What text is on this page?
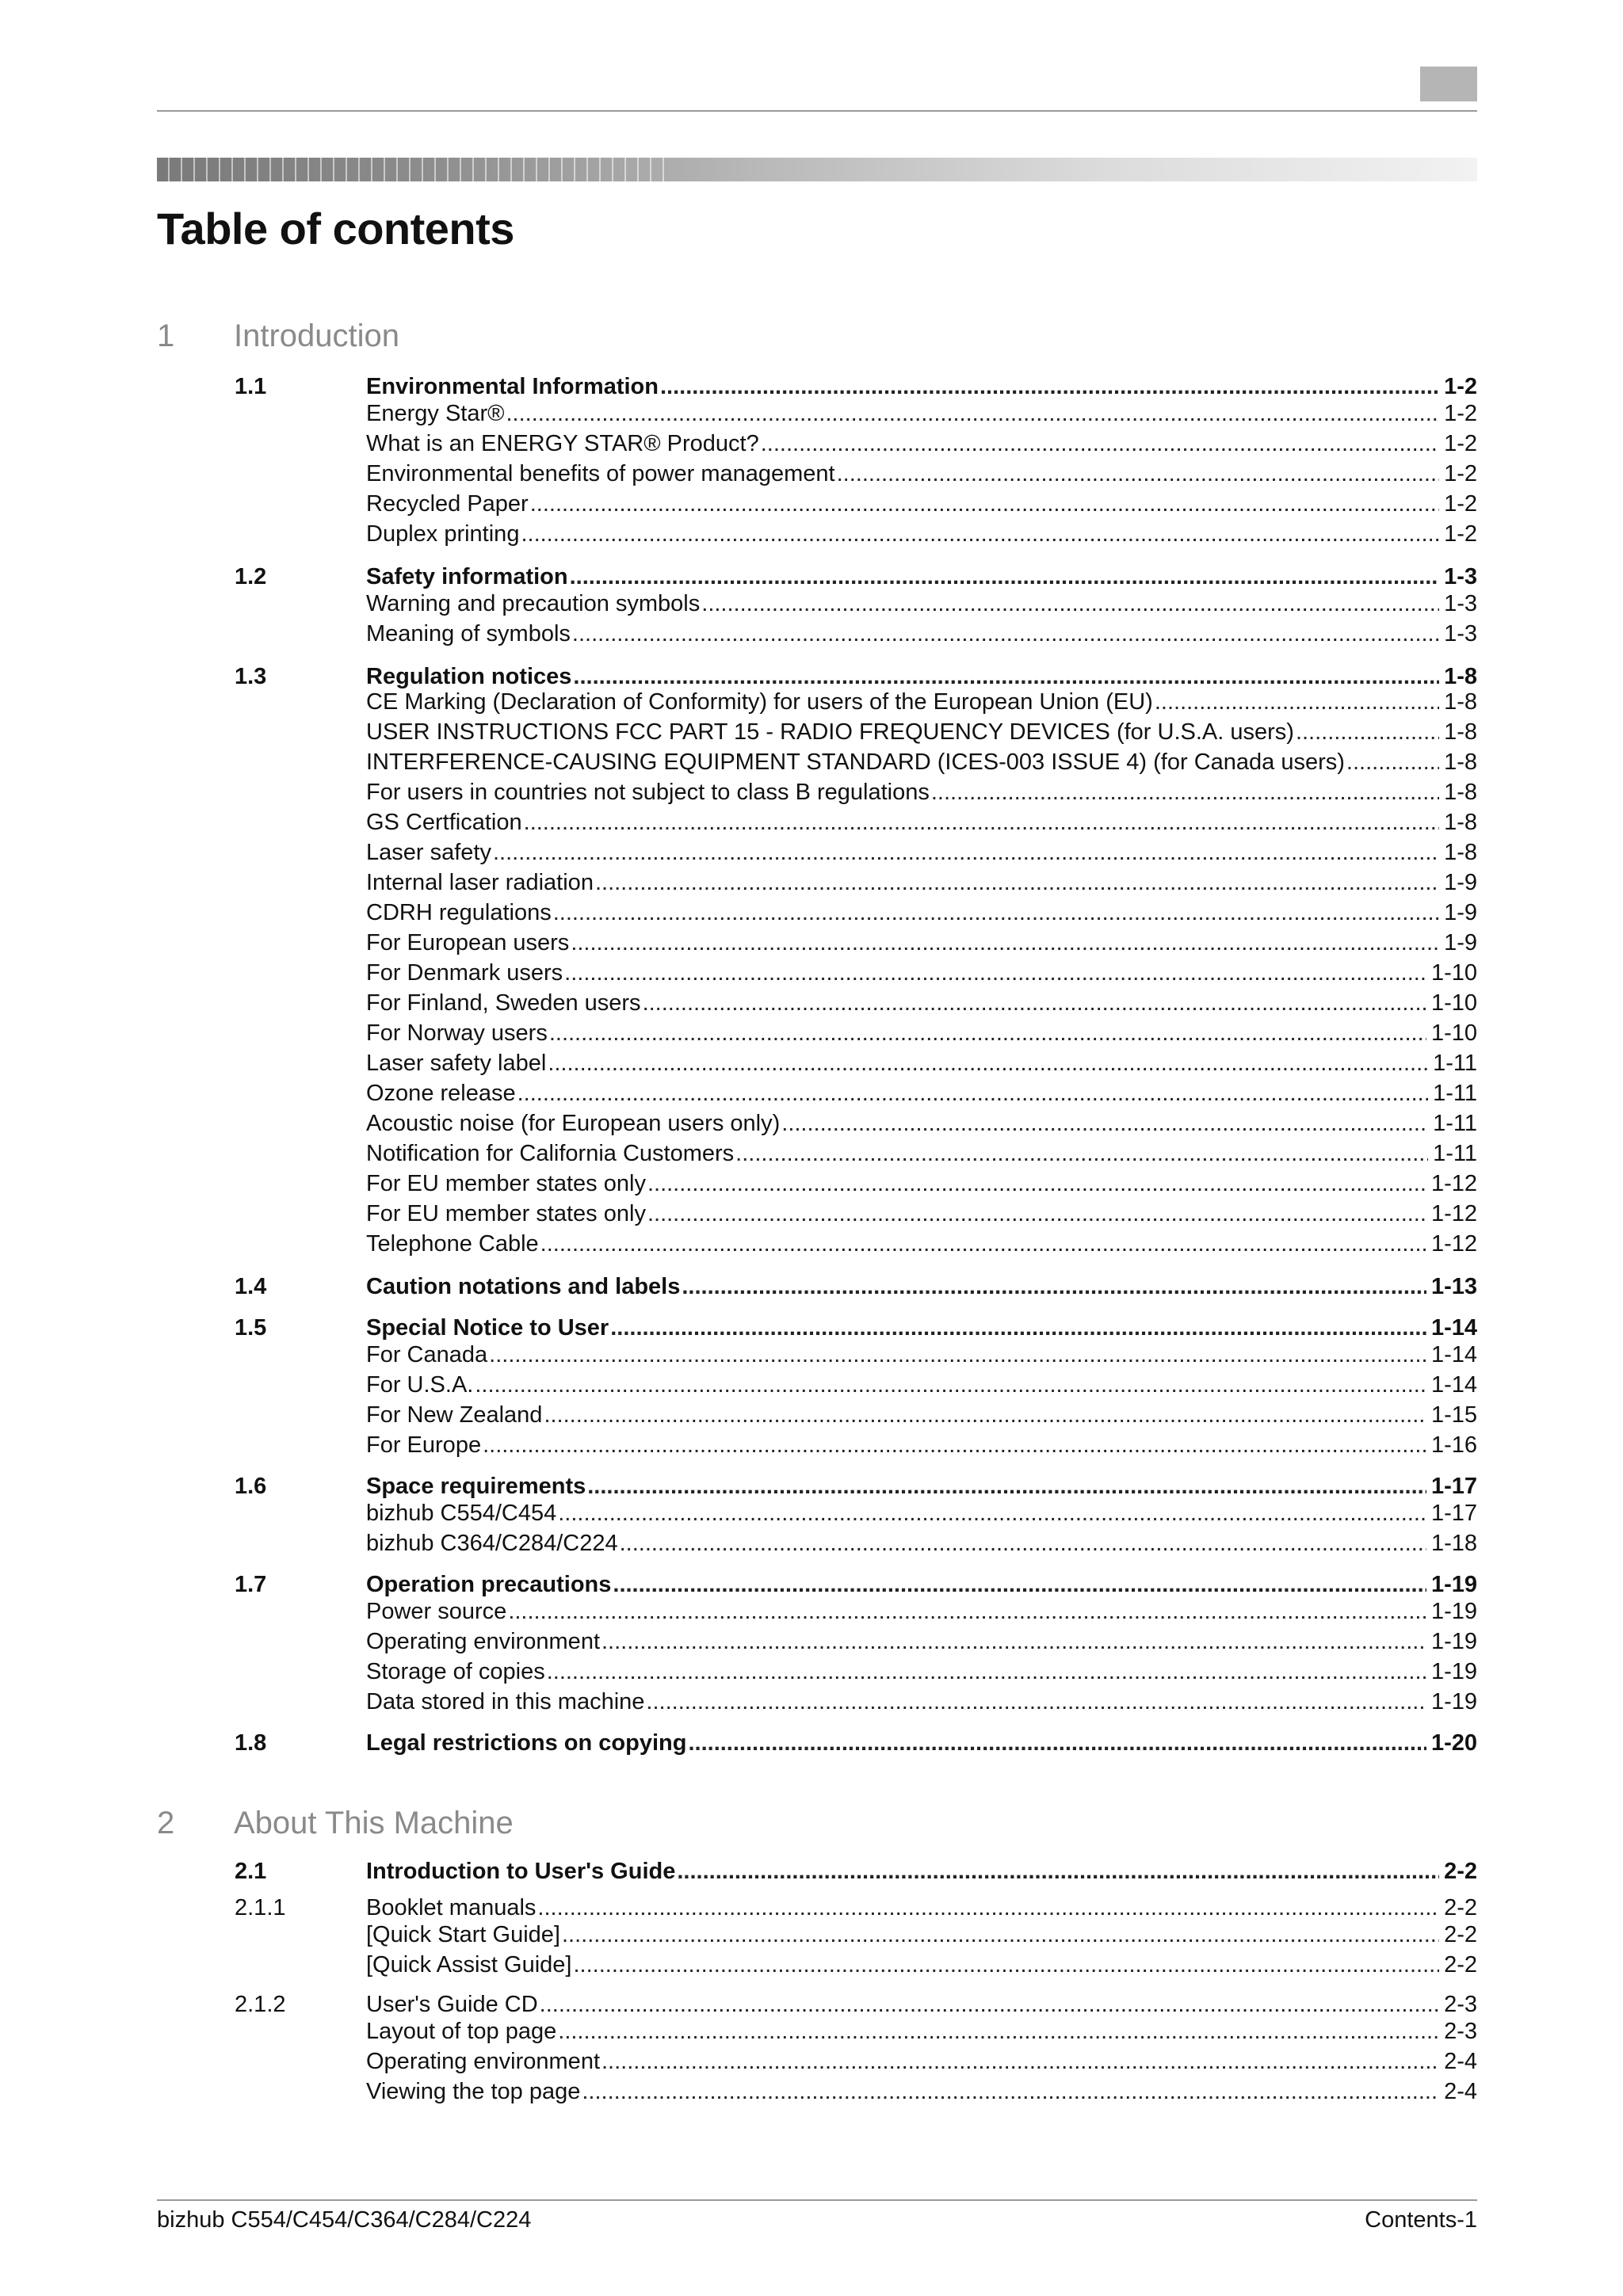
Table of contents
1 Introduction
1.1	Environmental Information .....	1-2
Energy Star® .....	1-2
What is an ENERGY STAR® Product? .....	1-2
Environmental benefits of power management .....	1-2
Recycled Paper .....	1-2
Duplex printing .....	1-2
1.2	Safety information .....	1-3
Warning and precaution symbols .....	1-3
Meaning of symbols .....	1-3
1.3	Regulation notices .....	1-8
CE Marking (Declaration of Conformity) for users of the European Union (EU) .....	1-8
USER INSTRUCTIONS FCC PART 15 - RADIO FREQUENCY DEVICES (for U.S.A. users) .....	1-8
INTERFERENCE-CAUSING EQUIPMENT STANDARD (ICES-003 ISSUE 4) (for Canada users) .....	1-8
For users in countries not subject to class B regulations .....	1-8
GS Certfication .....	1-8
Laser safety .....	1-8
Internal laser radiation .....	1-9
CDRH regulations .....	1-9
For European users .....	1-9
For Denmark users .....	1-10
For Finland, Sweden users .....	1-10
For Norway users .....	1-10
Laser safety label .....	1-11
Ozone release .....	1-11
Acoustic noise (for European users only) .....	1-11
Notification for California Customers .....	1-11
For EU member states only .....	1-12
For EU member states only .....	1-12
Telephone Cable .....	1-12
1.4	Caution notations and labels .....	1-13
1.5	Special Notice to User .....	1-14
For Canada .....	1-14
For U.S.A. .....	1-14
For New Zealand .....	1-15
For Europe .....	1-16
1.6	Space requirements .....	1-17
bizhub C554/C454 .....	1-17
bizhub C364/C284/C224 .....	1-18
1.7	Operation precautions .....	1-19
Power source .....	1-19
Operating environment .....	1-19
Storage of copies .....	1-19
Data stored in this machine .....	1-19
1.8	Legal restrictions on copying .....	1-20
2 About This Machine
2.1	Introduction to User's Guide .....	2-2
2.1.1	Booklet manuals .....	2-2
[Quick Start Guide] .....	2-2
[Quick Assist Guide] .....	2-2
2.1.2	User's Guide CD .....	2-3
Layout of top page .....	2-3
Operating environment .....	2-4
Viewing the top page .....	2-4
bizhub C554/C454/C364/C284/C224	Contents-1
